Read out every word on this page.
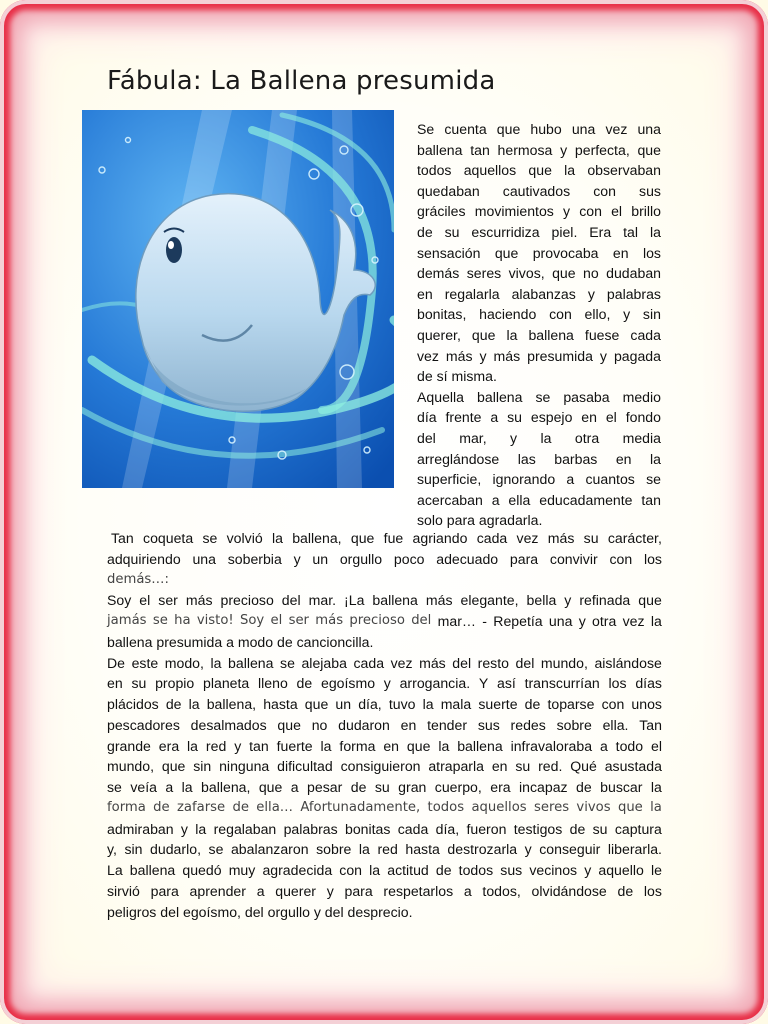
Fábula: La Ballena presumida
Se cuenta que hubo una vez una
ballena tan hermosa y perfecta, que
todos aquellos que la observaban
quedaban cautivados con sus
gráciles movimientos y con el brillo
de su escurridiza piel. Era tal la
sensación que provocaba en los
demás seres vivos, que no dudaban
en regalarla alabanzas y palabras
bonitas, haciendo con ello, y sin
querer, que la ballena fuese cada
vez más y más presumida y pagada
de sí misma.
Aquella ballena se pasaba medio
día frente a su espejo en el fondo
del mar, y la otra media
arreglándose las barbas en la
superficie, ignorando a cuantos se
acercaban a ella educadamente tan
solo para agradarla.
Tan coqueta se volvió la ballena, que fue agriando cada vez más su carácter,
adquiriendo una soberbia y un orgullo poco adecuado para convivir con los
demás…:
Soy el ser más precioso del mar. ¡La ballena más elegante, bella y refinada que
jamás se ha visto! Soy el ser más precioso del mar… - Repetía una y otra vez la
ballena presumida a modo de cancioncilla.
De este modo, la ballena se alejaba cada vez más del resto del mundo, aislándose
en su propio planeta lleno de egoísmo y arrogancia. Y así transcurrían los días
plácidos de la ballena, hasta que un día, tuvo la mala suerte de toparse con unos
pescadores desalmados que no dudaron en tender sus redes sobre ella. Tan
grande era la red y tan fuerte la forma en que la ballena infravaloraba a todo el
mundo, que sin ninguna dificultad consiguieron atraparla en su red. Qué asustada
se veía a la ballena, que a pesar de su gran cuerpo, era incapaz de buscar la
forma de zafarse de ella… Afortunadamente, todos aquellos seres vivos que la
admiraban y la regalaban palabras bonitas cada día, fueron testigos de su captura
y, sin dudarlo, se abalanzaron sobre la red hasta destrozarla y conseguir liberarla.
La ballena quedó muy agradecida con la actitud de todos sus vecinos y aquello le
sirvió para aprender a querer y para respetarlos a todos, olvidándose de los
peligros del egoísmo, del orgullo y del desprecio.
